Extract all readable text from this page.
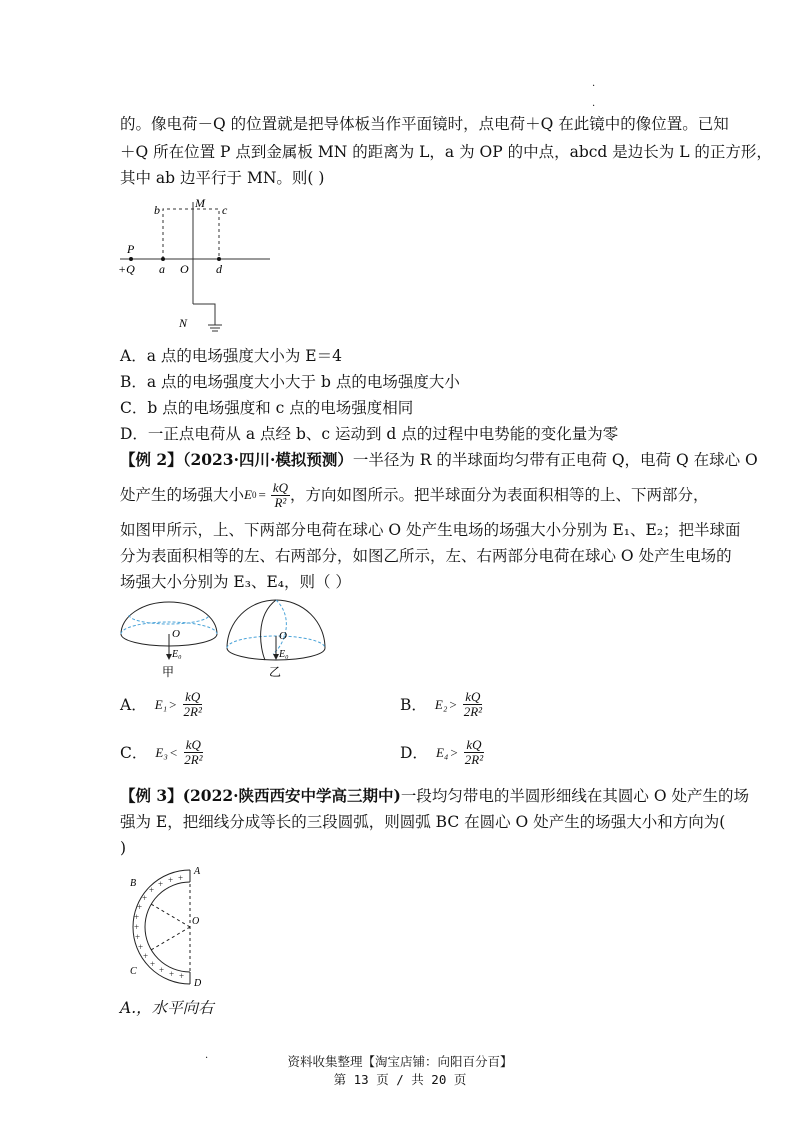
.
.
的。像电荷－Q 的位置就是把导体板当作平面镜时，点电荷＋Q 在此镜中的像位置。已知
＋Q 所在位置 P 点到金属板 MN 的距离为 L，a 为 OP 的中点，abcd 是边长为 L 的正方形，
其中 ab 边平行于 MN。则( )
b	M c
P
+Q a O d
N
A．a 点的电场强度大小为 E＝4
B．a 点的电场强度大小大于 b 点的电场强度大小
C．b 点的电场强度和 c 点的电场强度相同
D．一正点电荷从 a 点经 b、c 运动到 d 点的过程中电势能的变化量为零
【例 2】（2023·四川·模拟预测）一半径为 R 的半球面均匀带有正电荷 Q，电荷 Q 在球心 O
处产生的场强大小 E $0 = \frac{kQ}{\text{R²}}$ ，方向如图所示。把半球面分为表面积相等的上、下两部分，
如图甲所示，上、下两部分电荷在球心 O 处产生电场的场强大小分别为 E₁、E₂；把半球面
分为表面积相等的左、右两部分，如图乙所示，左、右两部分电荷在球心 O 处产生电场的
场强大小分别为 E₃、E₄，则（ ）
O
E₀
甲
O
E₀
乙
A． $E_1 > \frac{kQ}{\text{2R²}}$	B． $E_2 > \frac{kQ}{\text{2R²}}$
C． $E_3 < \frac{kQ}{\text{2R²}}$	D． $E_4 > \frac{kQ}{\text{2R²}}$
【例 3】(2022·陕西西安中学高三期中)一段均匀带电的半圆形细线在其圆心 O 处产生的场
强为 E，把细线分成等长的三段圆弧，则圆弧 BC 在圆心 O 处产生的场强大小和方向为(
)
+
+
+
+
+
+
+
+
+
+
+
+
+ + +
A
B
O
C
D
A.，水平向右
.	资料收集整理【淘宝店铺：向阳百分百】
第 13 页 / 共 20 页
